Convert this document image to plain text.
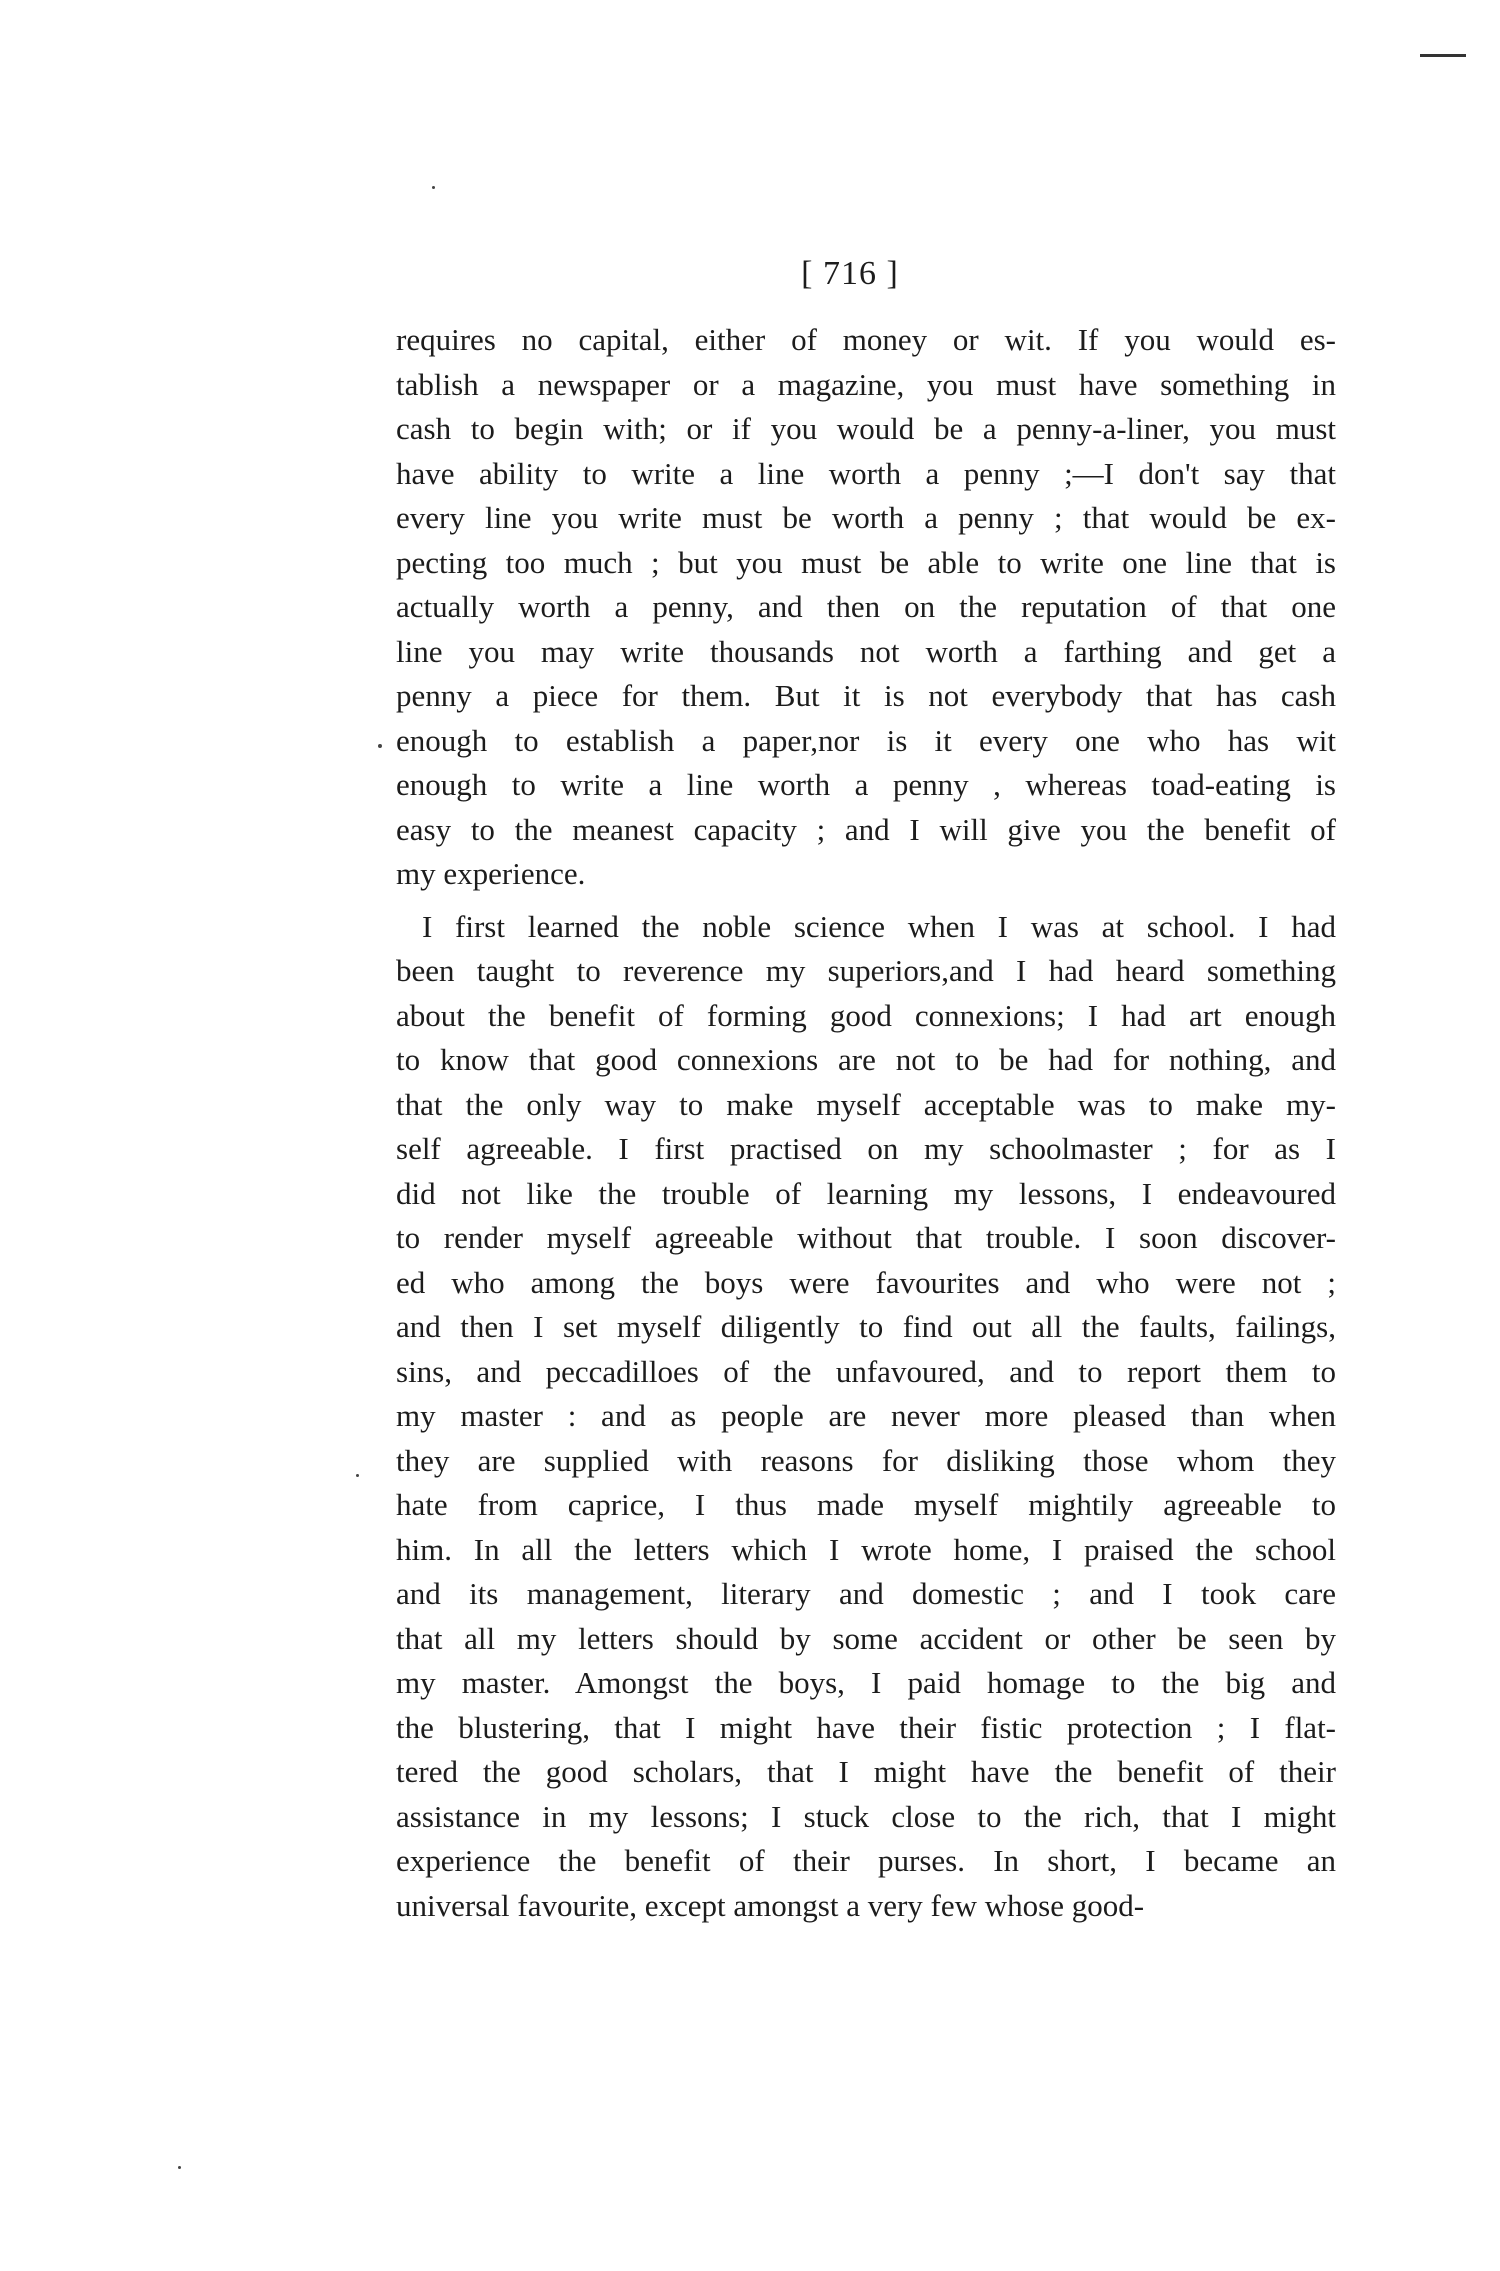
[ 716 ]
requires no capital, either of money or wit. If you would es-
tablish a newspaper or a magazine, you must have something in
cash to begin with; or if you would be a penny-a-liner, you must
have ability to write a line worth a penny ;—I don't say that
every line you write must be worth a penny ; that would be ex-
pecting too much ; but you must be able to write one line that is
actually worth a penny, and then on the reputation of that one
line you may write thousands not worth a farthing and get a
penny a piece for them. But it is not everybody that has cash
enough to establish a paper,nor is it every one who has wit
enough to write a line worth a penny , whereas toad-eating is
easy to the meanest capacity ; and I will give you the benefit of
my experience.
I first learned the noble science when I was at school. I had
been taught to reverence my superiors,and I had heard something
about the benefit of forming good connexions; I had art enough
to know that good connexions are not to be had for nothing, and
that the only way to make myself acceptable was to make my-
self agreeable. I first practised on my schoolmaster ; for as I
did not like the trouble of learning my lessons, I endeavoured
to render myself agreeable without that trouble. I soon discover-
ed who among the boys were favourites and who were not ;
and then I set myself diligently to find out all the faults, failings,
sins, and peccadilloes of the unfavoured, and to report them to
my master : and as people are never more pleased than when
they are supplied with reasons for disliking those whom they
hate from caprice, I thus made myself mightily agreeable to
him. In all the letters which I wrote home, I praised the school
and its management, literary and domestic ; and I took care
that all my letters should by some accident or other be seen by
my master. Amongst the boys, I paid homage to the big and
the blustering, that I might have their fistic protection ; I flat-
tered the good scholars, that I might have the benefit of their
assistance in my lessons; I stuck close to the rich, that I might
experience the benefit of their purses. In short, I became an
universal favourite, except amongst a very few whose good-
